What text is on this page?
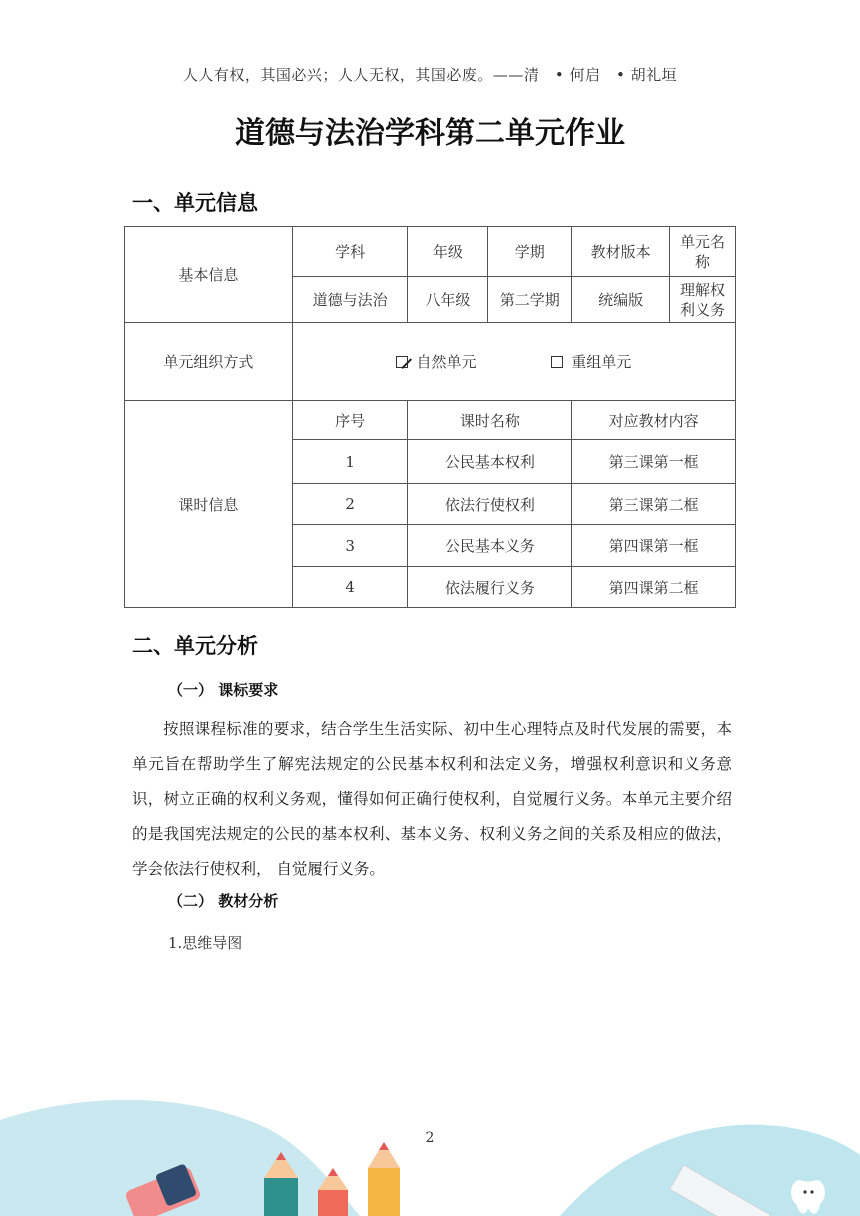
人人有权，其国必兴；人人无权，其国必废。——清　• 何启　• 胡礼垣
道德与法治学科第二单元作业
一、单元信息
基本信息	学科	年级	学期	教材版本	单元名称
	道德与法治	八年级	第二学期	统编版	理解权利义务
单元组织方式	自然单元 重组单元				
课时信息	序号	课时名称		对应教材内容	
	1	公民基本权利		第三课第一框	
	2	依法行使权利		第三课第二框	
	3	公民基本义务		第四课第一框	
	4	依法履行义务		第四课第二框	
二、单元分析
（一） 课标要求
按照课程标准的要求，结合学生生活实际、初中生心理特点及时代发展的需要，本单元旨在帮助学生了解宪法规定的公民基本权利和法定义务，增强权利意识和义务意识，树立正确的权利义务观，懂得如何正确行使权利，自觉履行义务。本单元主要介绍的是我国宪法规定的公民的基本权利、基本义务、权利义务之间的关系及相应的做法，学会依法行使权利， 自觉履行义务。
（二） 教材分析
1.思维导图
2
